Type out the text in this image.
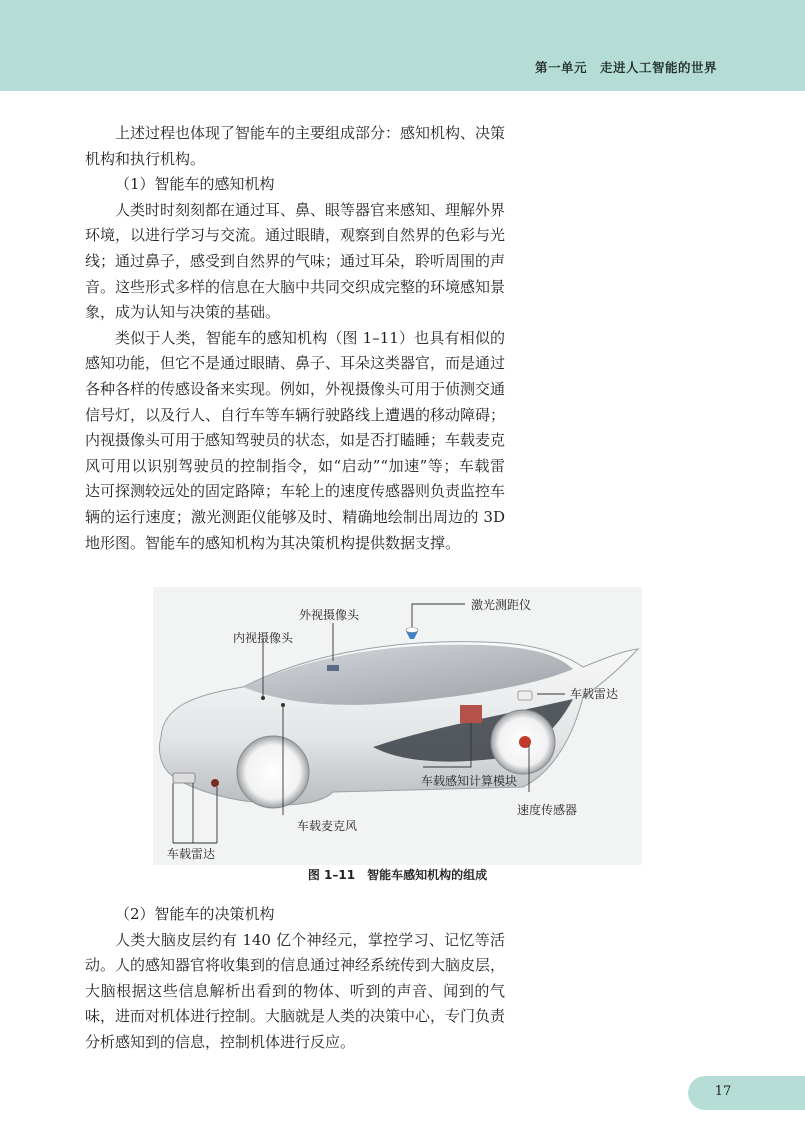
第一单元　走进人工智能的世界

上述过程也体现了智能车的主要组成部分：感知机构、决策机构和执行机构。

（1）智能车的感知机构

人类时时刻刻都在通过耳、鼻、眼等器官来感知、理解外界环境，以进行学习与交流。通过眼睛，观察到自然界的色彩与光线；通过鼻子，感受到自然界的气味；通过耳朵，聆听周围的声音。这些形式多样的信息在大脑中共同交织成完整的环境感知景象，成为认知与决策的基础。

类似于人类，智能车的感知机构（图 1–11）也具有相似的感知功能，但它不是通过眼睛、鼻子、耳朵这类器官，而是通过各种各样的传感设备来实现。例如，外视摄像头可用于侦测交通信号灯，以及行人、自行车等车辆行驶路线上遭遇的移动障碍；内视摄像头可用于感知驾驶员的状态，如是否打瞌睡；车载麦克风可用以识别驾驶员的控制指令，如“启动”“加速”等；车载雷达可探测较远处的固定路障；车轮上的速度传感器则负责监控车辆的运行速度；激光测距仪能够及时、精确地绘制出周边的 3D 地形图。智能车的感知机构为其决策机构提供数据支撑。

激光测距仪
外视摄像头
内视摄像头
车载雷达
车载感知计算模块
速度传感器
车载麦克风
车载雷达
图 1–11　智能车感知机构的组成

（2）智能车的决策机构

人类大脑皮层约有 140 亿个神经元，掌控学习、记忆等活动。人的感知器官将收集到的信息通过神经系统传到大脑皮层，大脑根据这些信息解析出看到的物体、听到的声音、闻到的气味，进而对机体进行控制。大脑就是人类的决策中心，专门负责分析感知到的信息，控制机体进行反应。

17
